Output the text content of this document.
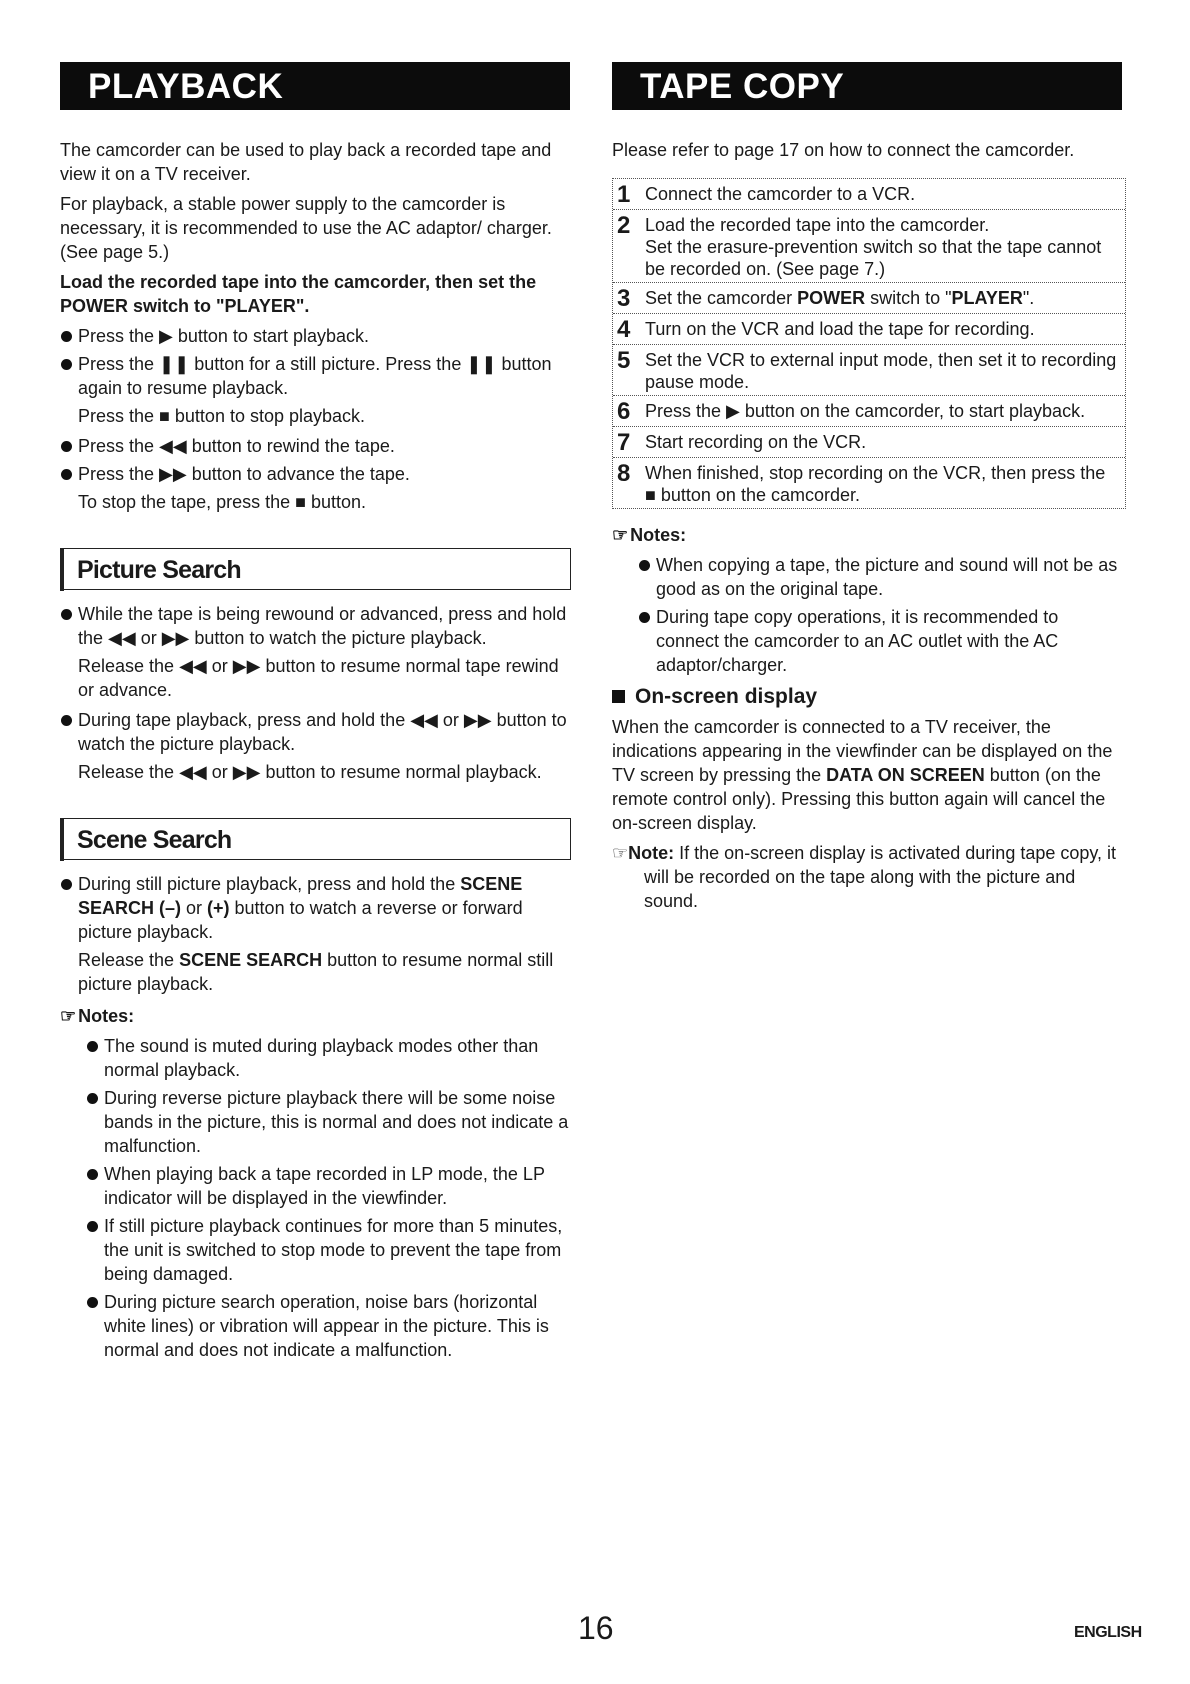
PLAYBACK

The camcorder can be used to play back a recorded tape and view it on a TV receiver.

For playback, a stable power supply to the camcorder is necessary, it is recommended to use the AC adaptor/ charger. (See page 5.)

Load the recorded tape into the camcorder, then set the POWER switch to "PLAYER".

Press the ▶ button to start playback.

Press the ❚❚ button for a still picture. Press the ❚❚ button again to resume playback.

Press the ■ button to stop playback.

Press the ◀◀ button to rewind the tape.

Press the ▶▶ button to advance the tape.

To stop the tape, press the ■ button.

Picture Search

While the tape is being rewound or advanced, press and hold the ◀◀ or ▶▶ button to watch the picture playback.

Release the ◀◀ or ▶▶ button to resume normal tape rewind or advance.

During tape playback, press and hold the ◀◀ or ▶▶ button to watch the picture playback.

Release the ◀◀ or ▶▶ button to resume normal playback.

Scene Search

During still picture playback, press and hold the SCENE SEARCH (–) or (+) button to watch a reverse or forward picture playback.

Release the SCENE SEARCH button to resume normal still picture playback.

☞ Notes:

The sound is muted during playback modes other than normal playback.

During reverse picture playback there will be some noise bands in the picture, this is normal and does not indicate a malfunction.

When playing back a tape recorded in LP mode, the LP indicator will be displayed in the viewfinder.

If still picture playback continues for more than 5 minutes, the unit is switched to stop mode to prevent the tape from being damaged.

During picture search operation, noise bars (horizontal white lines) or vibration will appear in the picture. This is normal and does not indicate a malfunction.

TAPE COPY

Please refer to page 17 on how to connect the camcorder.

1 Connect the camcorder to a VCR.
2 Load the recorded tape into the camcorder.
Set the erasure-prevention switch so that the tape cannot be recorded on. (See page 7.)
3 Set the camcorder POWER switch to "PLAYER".
4 Turn on the VCR and load the tape for recording.
5 Set the VCR to external input mode, then set it to recording pause mode.
6 Press the ▶ button on the camcorder, to start playback.
7 Start recording on the VCR.
8 When finished, stop recording on the VCR, then press the ■ button on the camcorder.
☞ Notes:

When copying a tape, the picture and sound will not be as good as on the original tape.

During tape copy operations, it is recommended to connect the camcorder to an AC outlet with the AC adaptor/charger.

On-screen display

When the camcorder is connected to a TV receiver, the indications appearing in the viewfinder can be displayed on the TV screen by pressing the DATA ON SCREEN button (on the remote control only). Pressing this button again will cancel the on-screen display.

☞Note: If the on-screen display is activated during tape copy, it will be recorded on the tape along with the picture and sound.

16	ENGLISH
